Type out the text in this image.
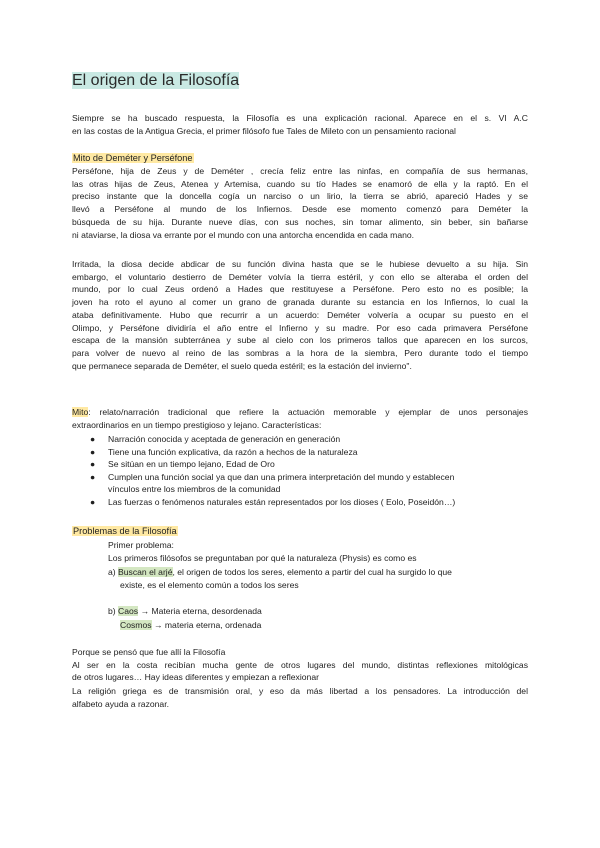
El origen de la Filosofía

Siempre se ha buscado respuesta, la Filosofía es una explicación racional. Aparece en el s. VI A.C
en las costas de la Antigua Grecia, el primer filósofo fue Tales de Mileto con un pensamiento racional

Mito de Deméter y Perséfone

Perséfone, hija de Zeus y de Deméter , crecía feliz entre las ninfas, en compañía de sus hermanas,
las otras hijas de Zeus, Atenea y Artemisa, cuando su tío Hades se enamoró de ella y la raptó. En el
preciso instante que la doncella cogía un narciso o un lirio, la tierra se abrió, apareció Hades y se
llevó a Perséfone al mundo de los Infiernos. Desde ese momento comenzó para Deméter la
búsqueda de su hija. Durante nueve días, con sus noches, sin tomar alimento, sin beber, sin bañarse
ni ataviarse, la diosa va errante por el mundo con una antorcha encendida en cada mano.

Irritada, la diosa decide abdicar de su función divina hasta que se le hubiese devuelto a su hija. Sin
embargo, el voluntario destierro de Deméter volvía la tierra estéril, y con ello se alteraba el orden del
mundo, por lo cual Zeus ordenó a Hades que restituyese a Perséfone. Pero esto no es posible; la
joven ha roto el ayuno al comer un grano de granada durante su estancia en los Infiernos, lo cual la
ataba definitivamente. Hubo que recurrir a un acuerdo: Deméter volvería a ocupar su puesto en el
Olimpo, y Perséfone dividiría el año entre el Infierno y su madre. Por eso cada primavera Perséfone
escapa de la mansión subterránea y sube al cielo con los primeros tallos que aparecen en los surcos,
para volver de nuevo al reino de las sombras a la hora de la siembra, Pero durante todo el tiempo
que permanece separada de Deméter, el suelo queda estéril; es la estación del invierno".

Mito: relato/narración tradicional que refiere la actuación memorable y ejemplar de unos personajes
extraordinarios en un tiempo prestigioso y lejano. Características:

● Narración conocida y aceptada de generación en generación
● Tiene una función explicativa, da razón a hechos de la naturaleza
● Se sitúan en un tiempo lejano, Edad de Oro
● Cumplen una función social ya que dan una primera interpretación del mundo y establecen
vínculos entre los miembros de la comunidad
● Las fuerzas o fenómenos naturales están representados por los dioses ( Eolo, Poseidón…)
Problemas de la Filosofía

Primer problema:

Los primeros filósofos se preguntaban por qué la naturaleza (Physis) es como es

a) Buscan el arjé, el origen de todos los seres, elemento a partir del cual ha surgido lo que
existe, es el elemento común a todos los seres

b) Caos → Materia eterna, desordenada

Cosmos → materia eterna, ordenada

Porque se pensó que fue allí la Filosofía
Al ser en la costa recibían mucha gente de otros lugares del mundo, distintas reflexiones mitológicas
de otros lugares… Hay ideas diferentes y empiezan a reflexionar

La religión griega es de transmisión oral, y eso da más libertad a los pensadores. La introducción del
alfabeto ayuda a razonar.
